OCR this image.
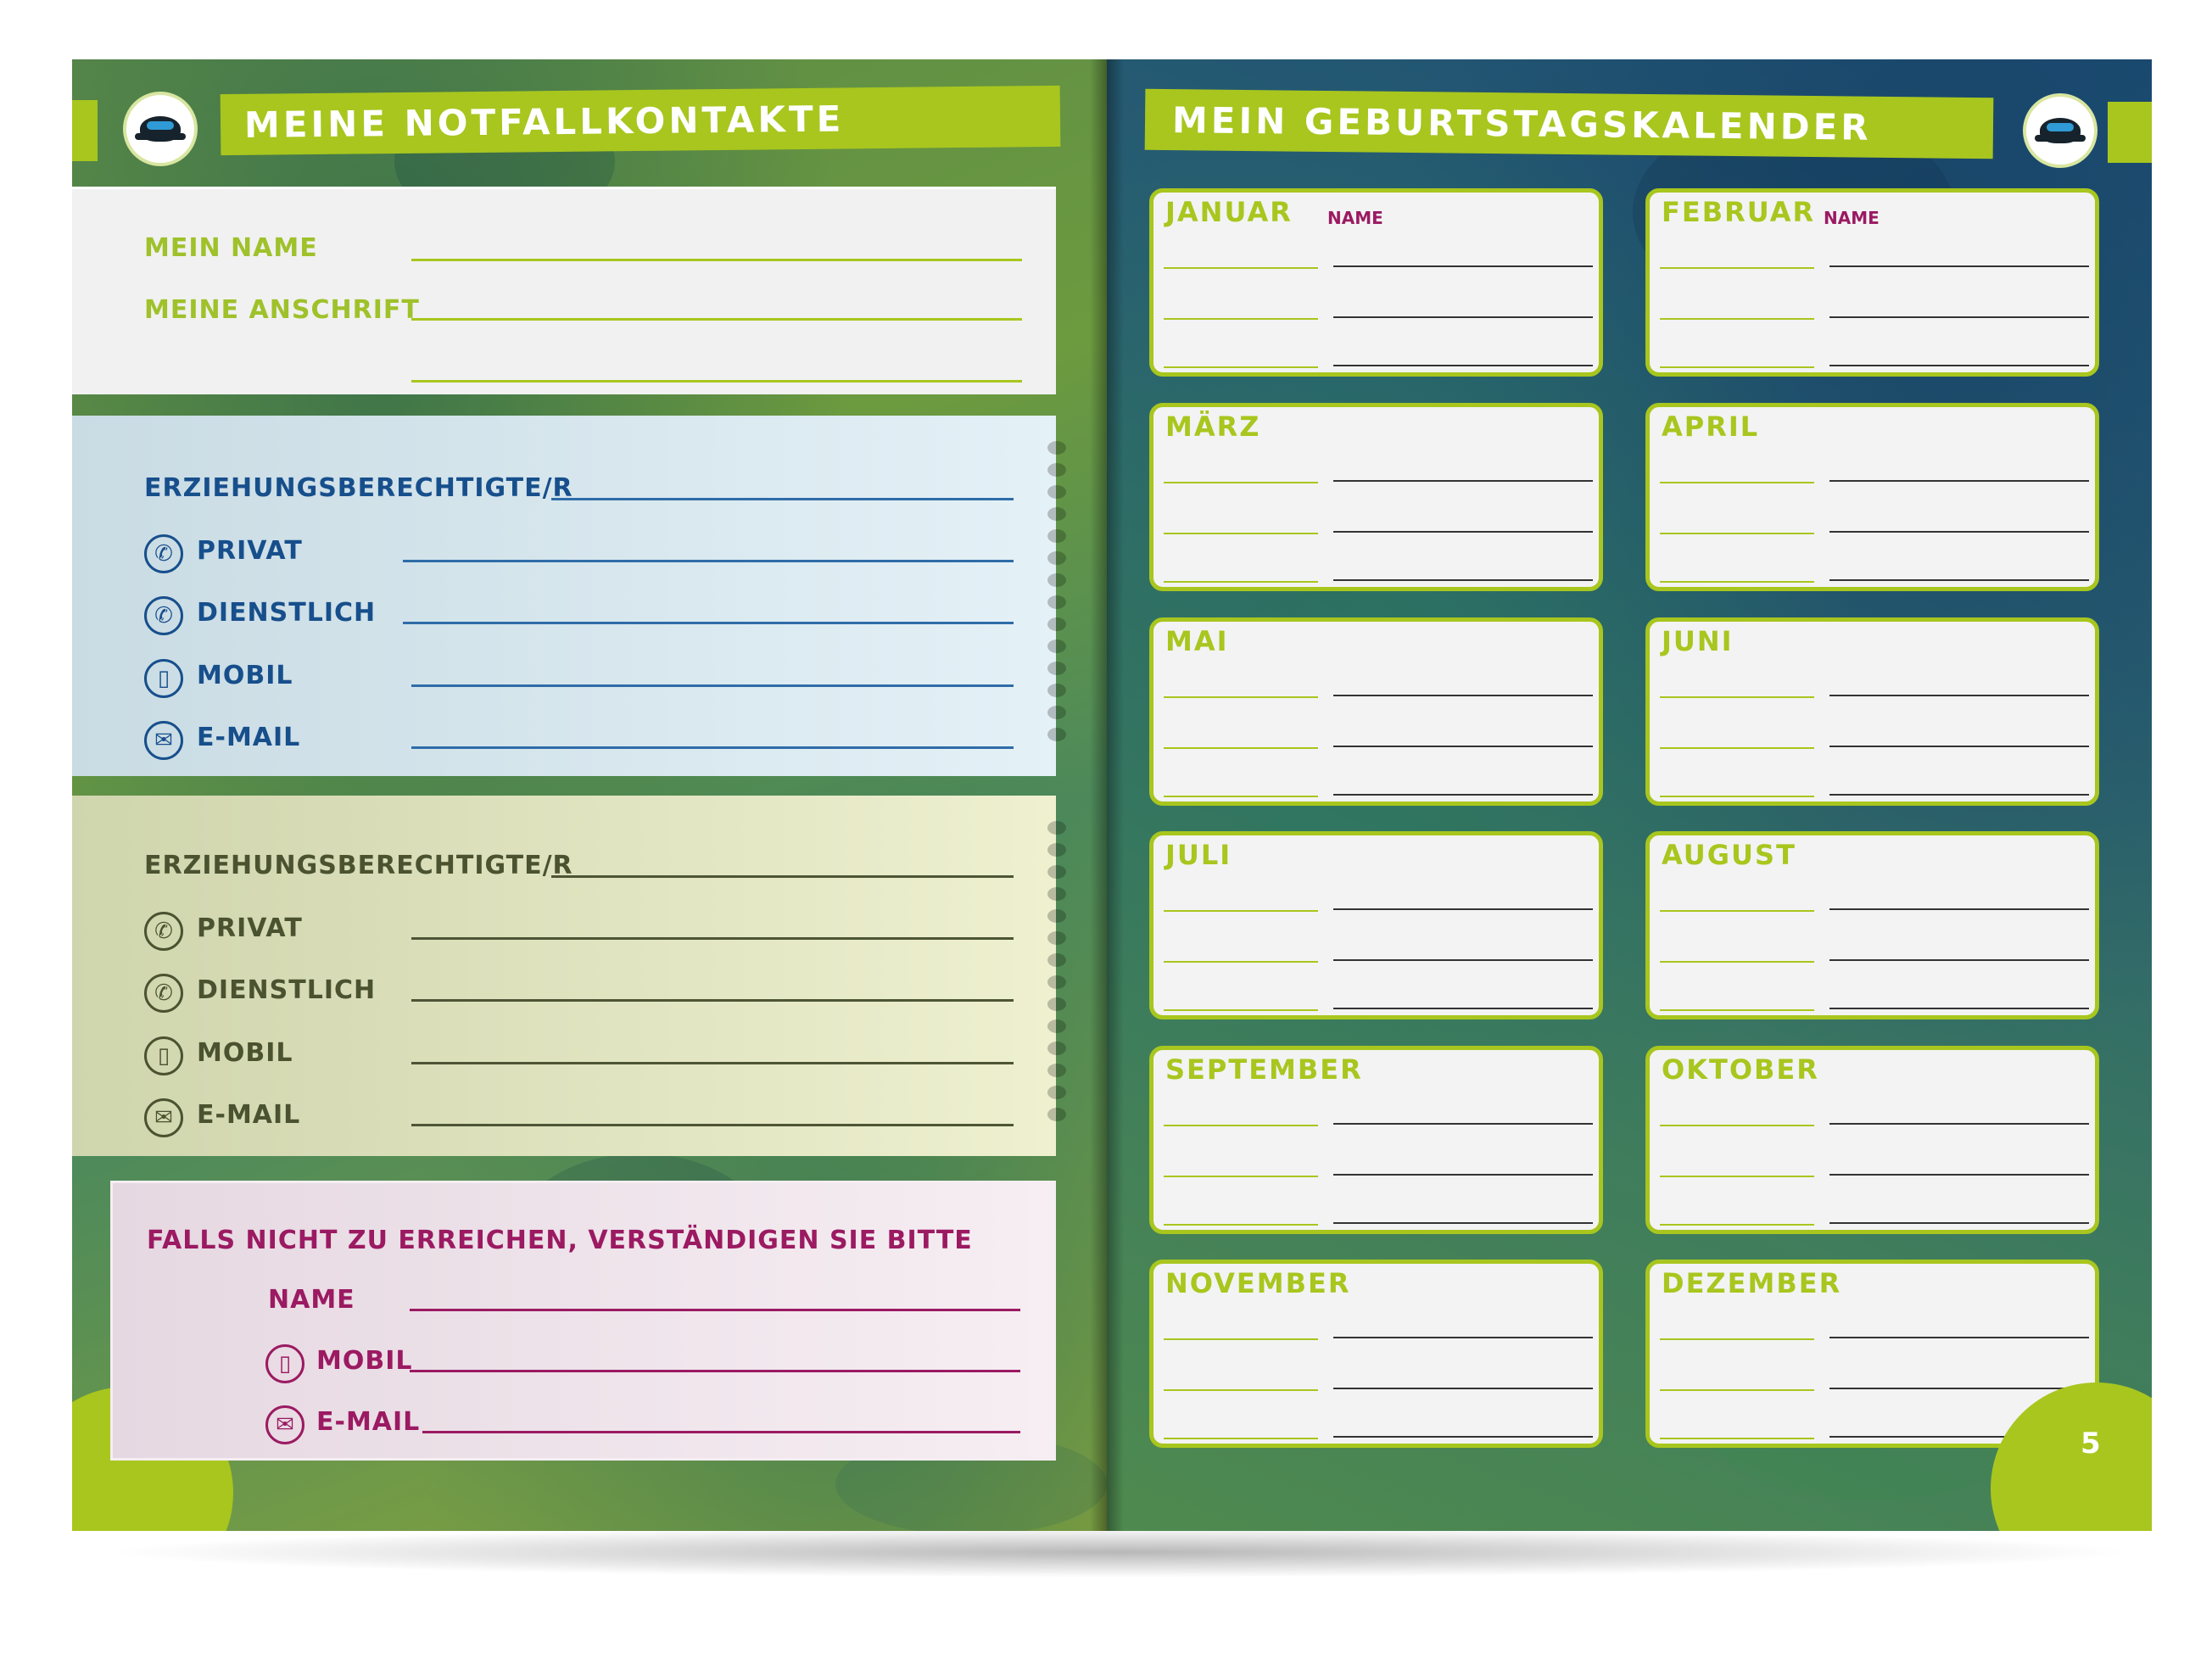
MEINE NOTFALLKONTAKTE
MEIN NAME
MEINE ANSCHRIFT
ERZIEHUNGSBERECHTIGTE/R
✆ PRIVAT
✆ DIENSTLICH
▯	MOBIL
✉ E-MAIL
ERZIEHUNGSBERECHTIGTE/R
✆ PRIVAT
✆ DIENSTLICH
▯	MOBIL
✉ E-MAIL
FALLS NICHT ZU ERREICHEN, VERSTÄNDIGEN SIE BITTE
NAME
▯ MOBIL
✉ E-MAIL
MEIN GEBURTSTAGSKALENDER
JANUAR NAME	FEBRUAR NAME
MÄRZ	APRIL
MAI	JUNI
JULI	AUGUST
SEPTEMBER	OKTOBER
NOVEMBER	DEZEMBER
5
